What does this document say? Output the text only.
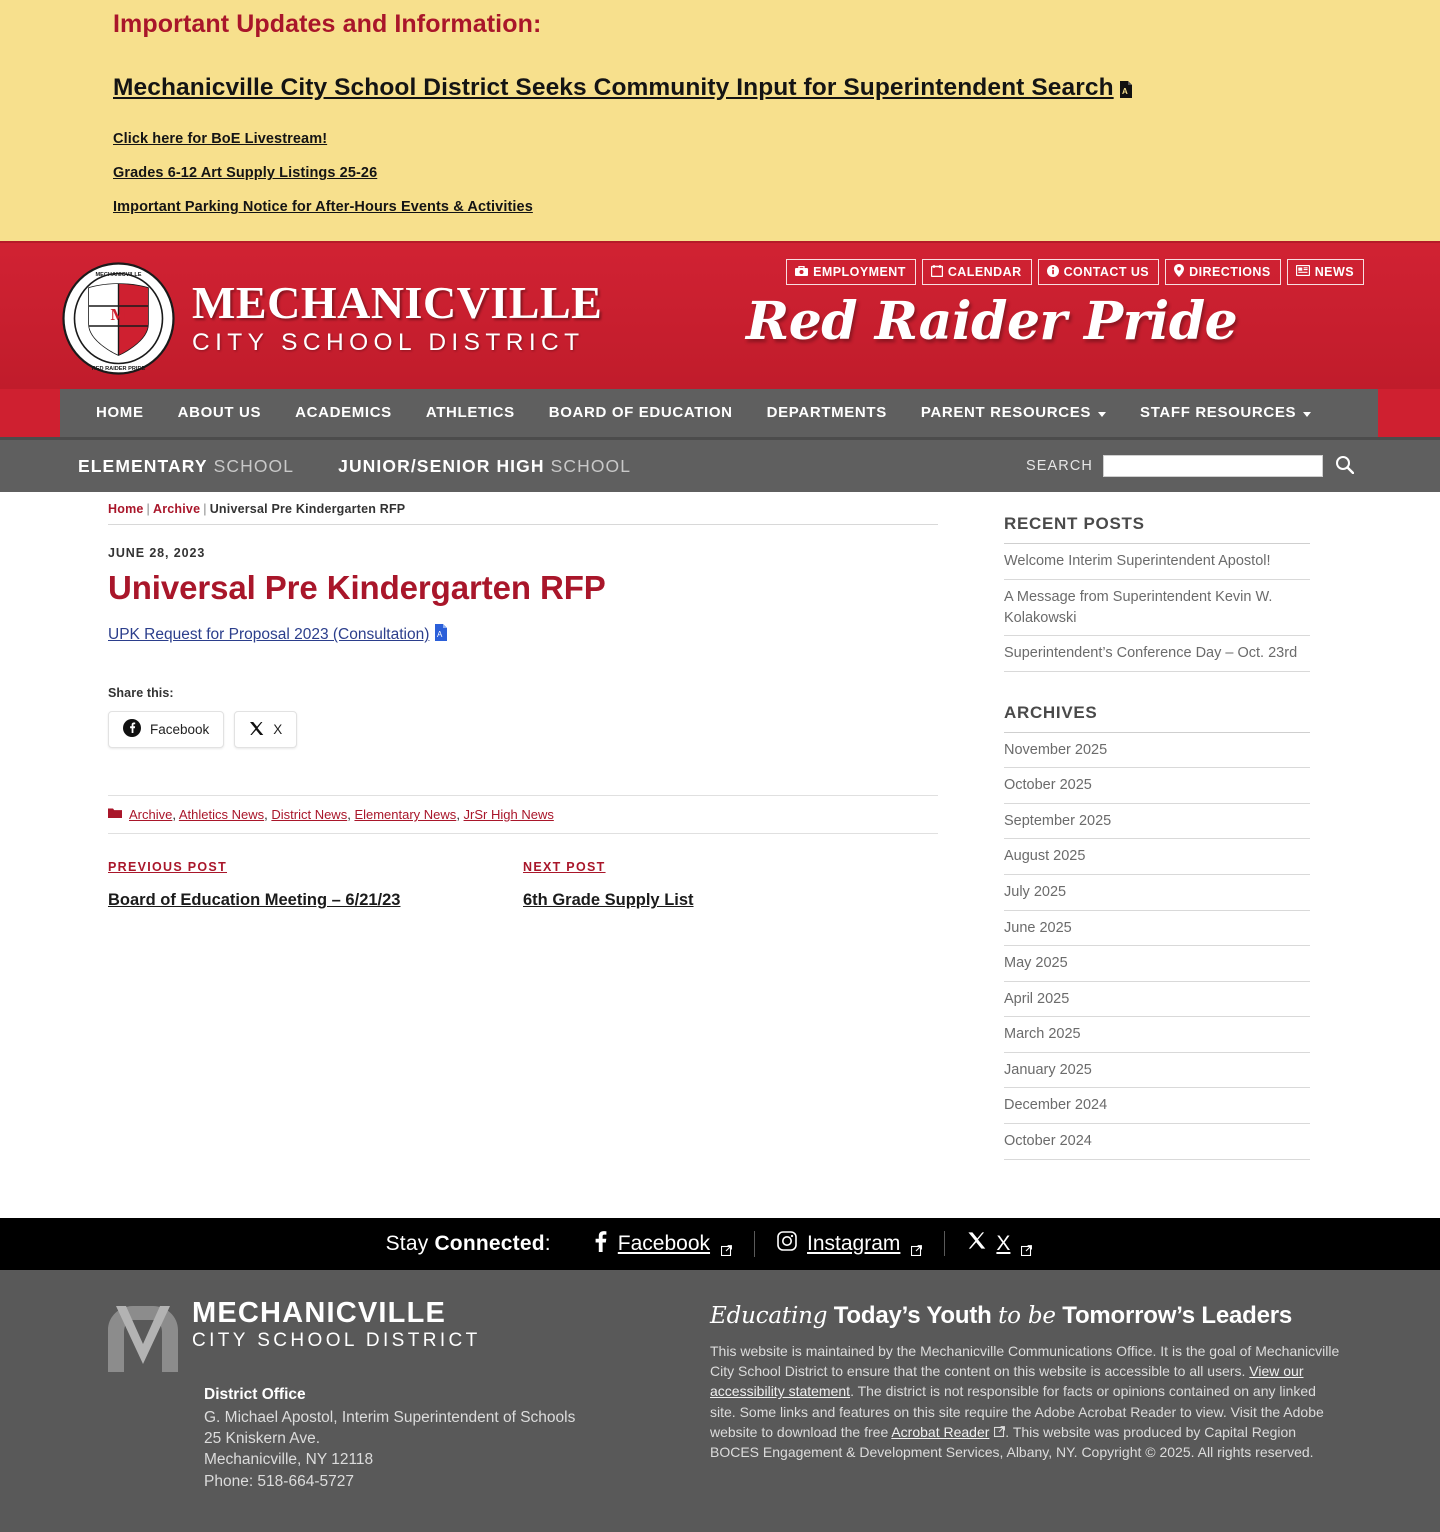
Important Updates and Information:
Mechanicville City School District Seeks Community Input for Superintendent Search A
Click here for BoE Livestream!
Grades 6-12 Art Supply Listings 25-26
Important Parking Notice for After-Hours Events & Activities
EMPLOYMENT	CALENDAR	CONTACT US	DIRECTIONS	NEWS
M
MECHANICVILLE
RED RAIDER PRIDE
MECHANICVILLE
CITY SCHOOL DISTRICT	Red Raider Pride
HOME ABOUT US ACADEMICS ATHLETICS BOARD OF EDUCATION DEPARTMENTS PARENT RESOURCES	STAFF RESOURCES
ELEMENTARY SCHOOL	JUNIOR/SENIOR HIGH SCHOOL	SEARCH
Home | Archive | Universal Pre Kindergarten RFP
JUNE 28, 2023
Universal Pre Kindergarten RFP
UPK Request for Proposal 2023 (Consultation) A
Share this:
Facebook	X
Archive, Athletics News, District News, Elementary News, JrSr High News
PREVIOUS POST
Board of Education Meeting – 6/21/23
NEXT POST
6th Grade Supply List
RECENT POSTS
Welcome Interim Superintendent Apostol!
A Message from Superintendent Kevin W. Kolakowski
Superintendent’s Conference Day – Oct. 23rd
ARCHIVES
November 2025
October 2025
September 2025
August 2025
July 2025
June 2025
May 2025
April 2025
March 2025
January 2025
December 2024
October 2024
Stay Connected:	Facebook	Instagram	X
MECHANICVILLE
CITY SCHOOL DISTRICT
District Office
G. Michael Apostol, Interim Superintendent of Schools
25 Kniskern Ave.
Mechanicville, NY 12118
Phone: 518-664-5727
Educating Today’s Youth to be Tomorrow’s Leaders
This website is maintained by the Mechanicville Communications Office. It is the goal of Mechanicville City School District to ensure that the content on this website is accessible to all users. View our accessibility statement. The district is not responsible for facts or opinions contained on any linked site. Some links and features on this site require the Adobe Acrobat Reader to view. Visit the Adobe website to download the free Acrobat Reader . This website was produced by Capital Region BOCES Engagement & Development Services, Albany, NY. Copyright © 2025. All rights reserved.
